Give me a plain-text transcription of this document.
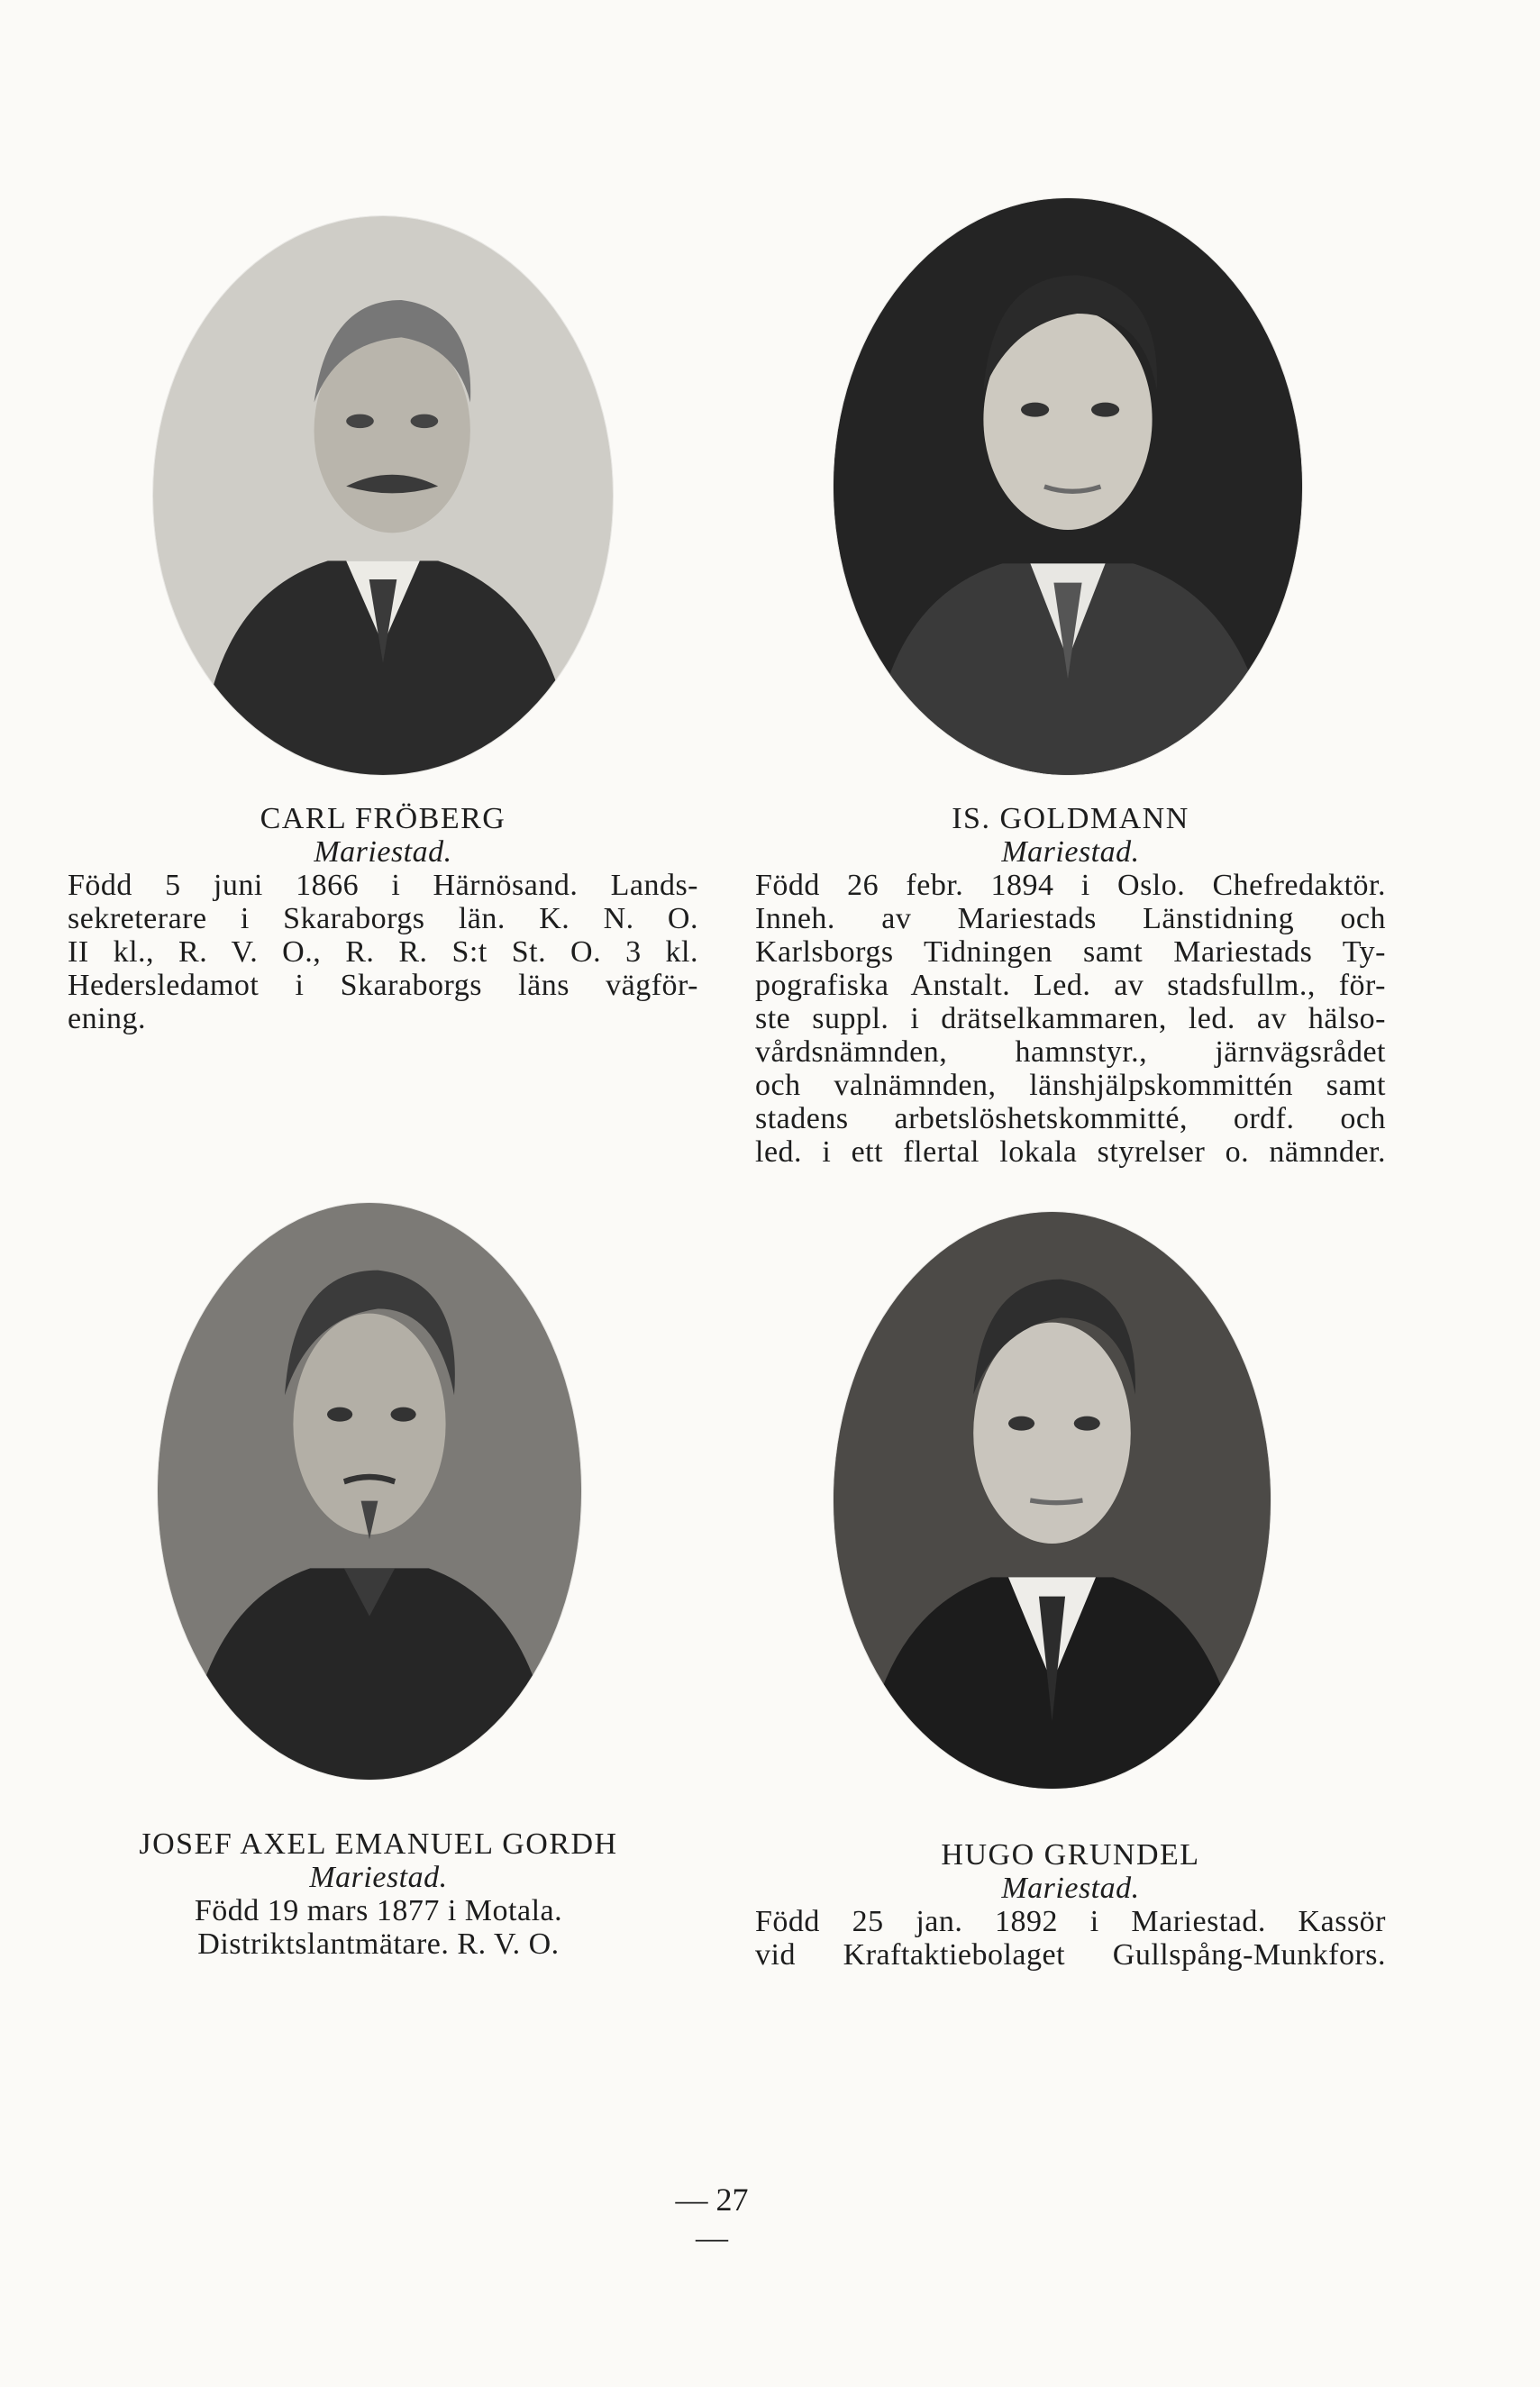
CARL FRÖBERG
Mariestad.
Född 5 juni 1866 i Härnösand. Lands-
sekreterare i Skaraborgs län. K. N. O.
II kl., R. V. O., R. R. S:t St. O. 3 kl.
Hedersledamot i Skaraborgs läns vägför-
ening.
IS. GOLDMANN
Mariestad.
Född 26 febr. 1894 i Oslo. Chefredaktör.
Inneh. av Mariestads Länstidning och
Karlsborgs Tidningen samt Mariestads Ty-
pografiska Anstalt. Led. av stadsfullm., för-
ste suppl. i drätselkammaren, led. av hälso-
vårdsnämnden, hamnstyr., järnvägsrådet
och valnämnden, länshjälpskommittén samt
stadens arbetslöshetskommitté, ordf. och
led. i ett flertal lokala styrelser o. nämnder.
JOSEF AXEL EMANUEL GORDH
Mariestad.
Född 19 mars 1877 i Motala.
Distriktslantmätare. R. V. O.
HUGO GRUNDEL
Mariestad.
Född 25 jan. 1892 i Mariestad. Kassör
vid Kraftaktiebolaget Gullspång-Munkfors.
— 27 —
